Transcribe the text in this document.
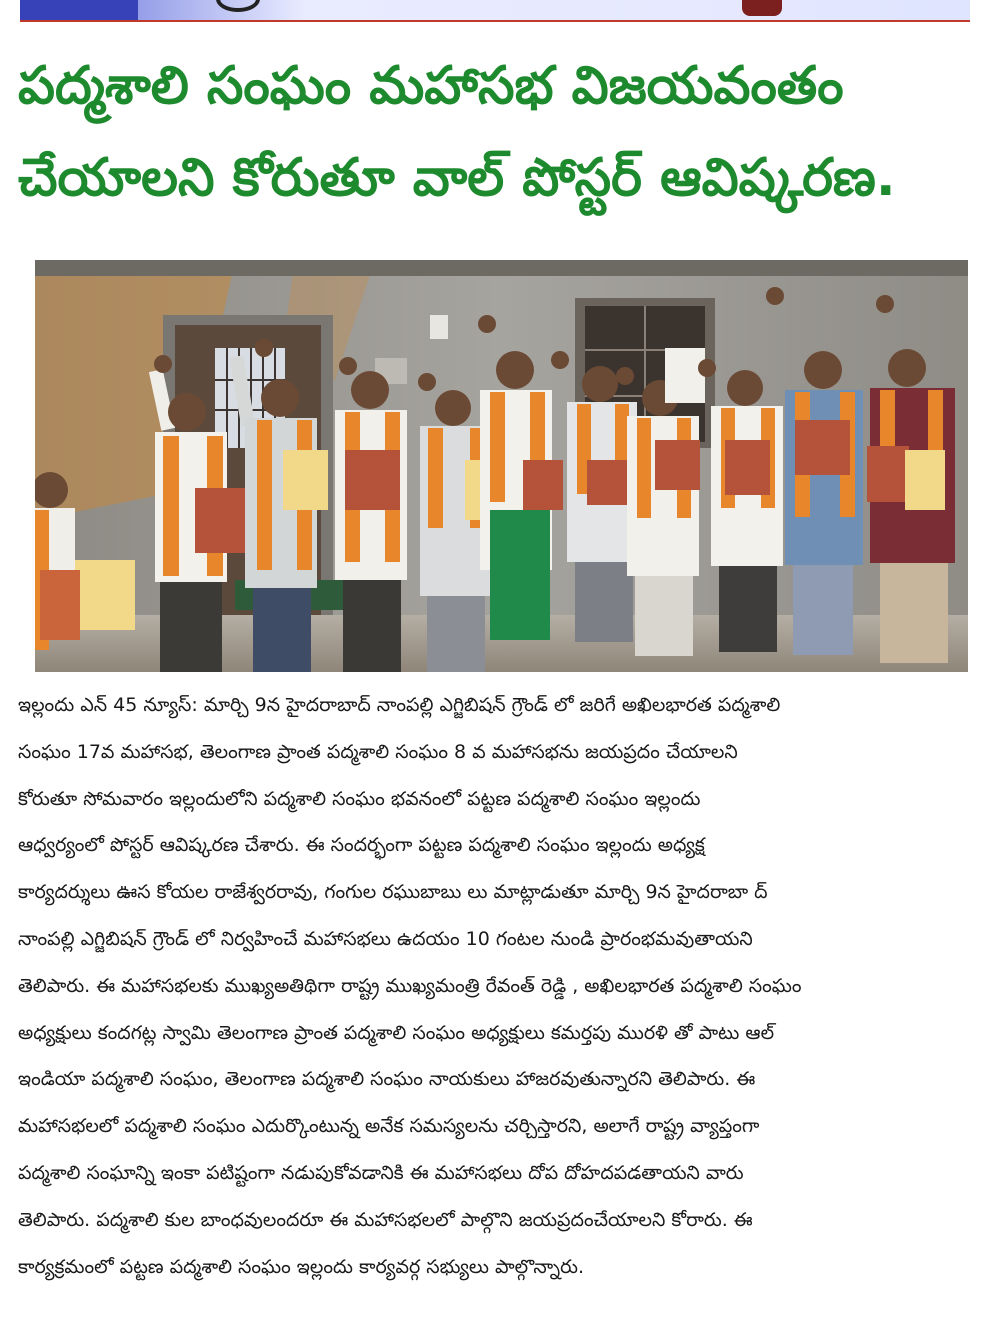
పద్మశాలి సంఘం మహాసభ విజయవంతం
చేయాలని కోరుతూ వాల్ పోస్టర్ ఆవిష్కరణ.
ఇల్లందు ఎన్ 45 న్యూస్: మార్చి 9న హైదరాబాద్ నాంపల్లి ఎగ్జిబిషన్ గ్రౌండ్ లో జరిగే అఖిలభారత పద్మశాలి
సంఘం 17వ మహాసభ, తెలంగాణ ప్రాంత పద్మశాలి సంఘం 8 వ మహాసభను జయప్రదం చేయాలని
కోరుతూ సోమవారం ఇల్లందులోని పద్మశాలి సంఘం భవనంలో పట్టణ పద్మశాలి సంఘం ఇల్లందు
ఆధ్వర్యంలో పోస్టర్ ఆవిష్కరణ చేశారు. ఈ సందర్భంగా పట్టణ పద్మశాలి సంఘం ఇల్లందు అధ్యక్ష
కార్యదర్శులు ఊస కోయల రాజేశ్వరరావు, గంగుల రఘుబాబు లు మాట్లాడుతూ మార్చి 9న హైదరాబా ద్
నాంపల్లి ఎగ్జిబిషన్ గ్రౌండ్ లో నిర్వహించే మహాసభలు ఉదయం 10 గంటల నుండి ప్రారంభమవుతాయని
తెలిపారు. ఈ మహాసభలకు ముఖ్యఅతిథిగా రాష్ట్ర ముఖ్యమంత్రి రేవంత్ రెడ్డి , అఖిలభారత పద్మశాలి సంఘం
అధ్యక్షులు కందగట్ల స్వామి తెలంగాణ ప్రాంత పద్మశాలి సంఘం అధ్యక్షులు కమర్తపు మురళి తో పాటు ఆల్
ఇండియా పద్మశాలి సంఘం, తెలంగాణ పద్మశాలి సంఘం నాయకులు హాజరవుతున్నారని తెలిపారు. ఈ
మహాసభలలో పద్మశాలి సంఘం ఎదుర్కొంటున్న అనేక సమస్యలను చర్చిస్తారని, అలాగే రాష్ట్ర వ్యాప్తంగా
పద్మశాలి సంఘాన్ని ఇంకా పటిష్టంగా నడుపుకోవడానికి ఈ మహాసభలు దోప దోహదపడతాయని వారు
తెలిపారు. పద్మశాలి కుల బాంధవులందరూ ఈ మహాసభలలో పాల్గొని జయప్రదంచేయాలని కోరారు. ఈ
కార్యక్రమంలో పట్టణ పద్మశాలి సంఘం ఇల్లందు కార్యవర్గ సభ్యులు పాల్గొన్నారు.
